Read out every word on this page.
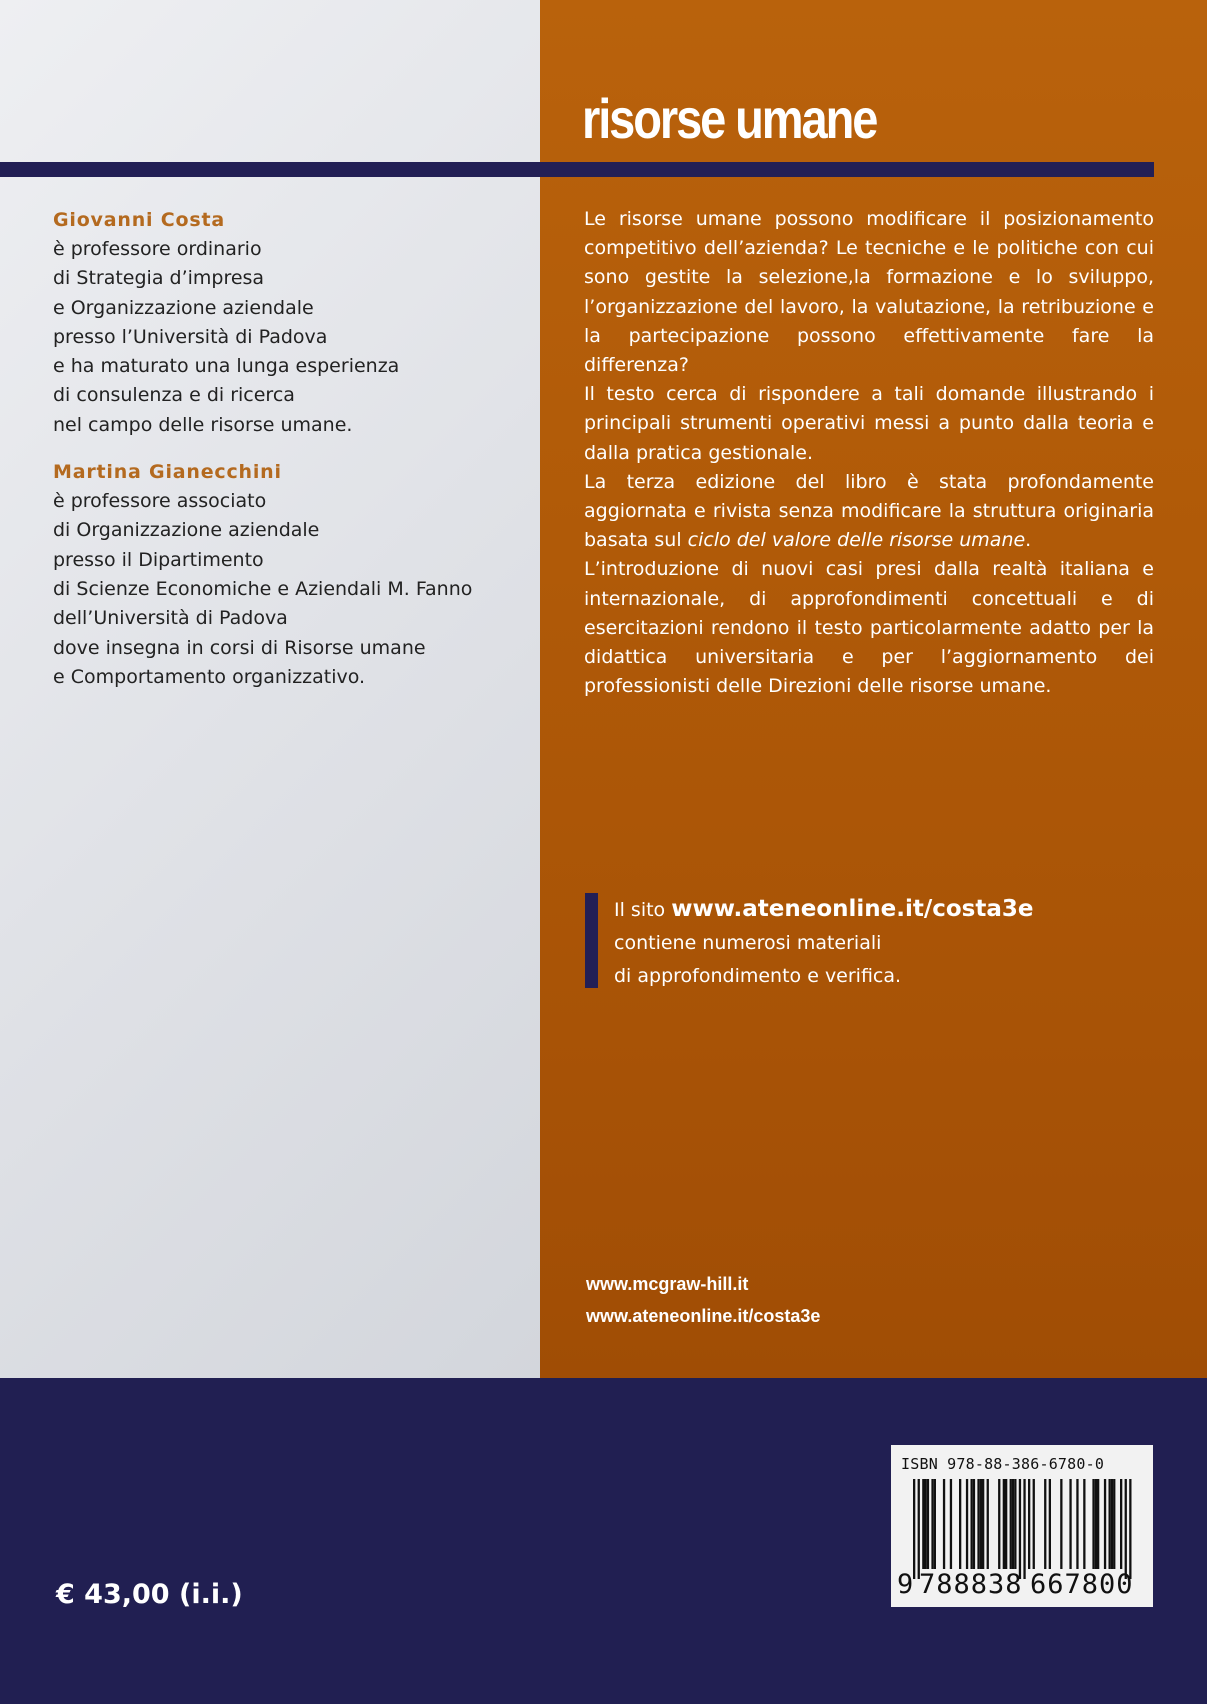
risorse umane
Giovanni Costa
è professore ordinario
di Strategia d’impresa
e Organizzazione aziendale
presso l’Università di Padova
e ha maturato una lunga esperienza
di consulenza e di ricerca
nel campo delle risorse umane.
Martina Gianecchini
è professore associato
di Organizzazione aziendale
presso il Dipartimento
di Scienze Economiche e Aziendali M. Fanno
dell’Università di Padova
dove insegna in corsi di Risorse umane
e Comportamento organizzativo.

Le risorse umane possono modificare il posizionamento competitivo dell’azienda? Le tecniche e le politiche con cui sono gestite la selezione,la formazione e lo sviluppo, l’organizzazione del lavoro, la valutazione, la retribuzione e la partecipazione possono effettivamente fare la differenza?

Il testo cerca di rispondere a tali domande illustrando i principali strumenti operativi messi a punto dalla teoria e dalla pratica gestionale.

La terza edizione del libro è stata profondamente aggiornata e rivista senza modificare la struttura originaria basata sul ciclo del valore delle risorse umane.

L’introduzione di nuovi casi presi dalla realtà italiana e internazionale, di approfondimenti concettuali e di esercitazioni rendono il testo particolarmente adatto per la didattica universitaria e per l’aggiornamento dei professionisti delle Direzioni delle risorse umane.

Il sito www.ateneonline.it/costa3e
contiene numerosi materiali
di approfondimento e verifica.
www.mcgraw-hill.it
www.ateneonline.it/costa3e
€ 43,00 (i.i.)
ISBN 978-88-386-6780-0
9 788838 667800
